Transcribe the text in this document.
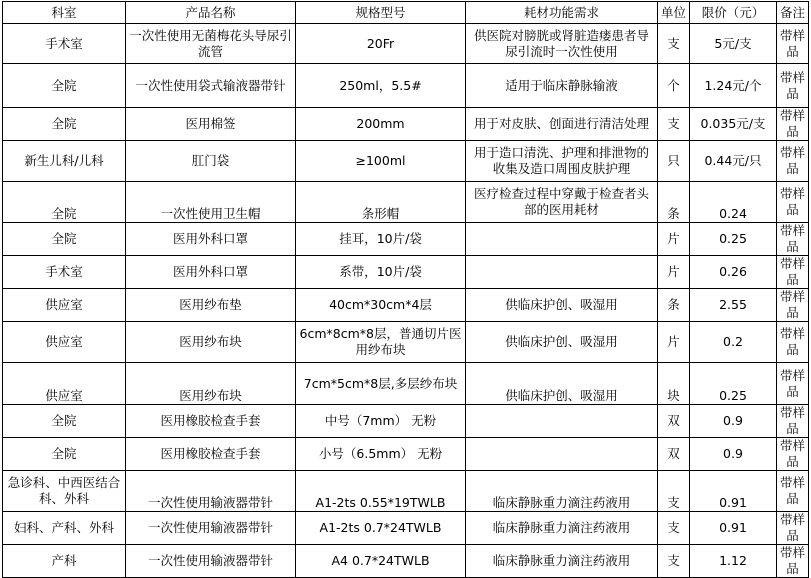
科室	产品名称	规格型号	耗材功能需求	单位	限价（元）	备注
手术室	一次性使用无菌梅花头导尿引流管	20Fr	供医院对膀胱或肾脏造瘘患者导尿引流时一次性使用	支	5元/支	带样品
全院	一次性使用袋式输液器带针	250ml，5.5#	适用于临床静脉输液	个	1.24元/个	带样品
全院	医用棉签	200mm	用于对皮肤、创面进行清洁处理	支	0.035元/支	带样品
新生儿科/儿科	肛门袋	≥100ml	用于造口清洗、护理和排泄物的收集及造口周围皮肤护理	只	0.44元/只	带样品
全院	一次性使用卫生帽	条形帽	医疗检查过程中穿戴于检查者头部的医用耗材	条	0.24	带样品
全院	医用外科口罩	挂耳，10片/袋		片	0.25	带样品
手术室	医用外科口罩	系带，10片/袋		片	0.26	带样品
供应室	医用纱布垫	40cm*30cm*4层	供临床护创、吸湿用	条	2.55	带样品
供应室	医用纱布块	6cm*8cm*8层，普通切片医用纱布块	供临床护创、吸湿用	片	0.2	带样品
供应室	医用纱布块	7cm*5cm*8层,多层纱布块	供临床护创、吸湿用	块	0.25	带样品
全院	医用橡胶检查手套	中号（7mm） 无粉		双	0.9	带样品
全院	医用橡胶检查手套	小号（6.5mm） 无粉		双	0.9	带样品
急诊科、中西医结合科、外科	一次性使用输液器带针	A1-2ts 0.55*19TWLB	临床静脉重力滴注药液用	支	0.91	带样品
妇科、产科、外科	一次性使用输液器带针	A1-2ts 0.7*24TWLB	临床静脉重力滴注药液用	支	0.91	带样品
产科	一次性使用输液器带针	A4 0.7*24TWLB	临床静脉重力滴注药液用	支	1.12	带样品
